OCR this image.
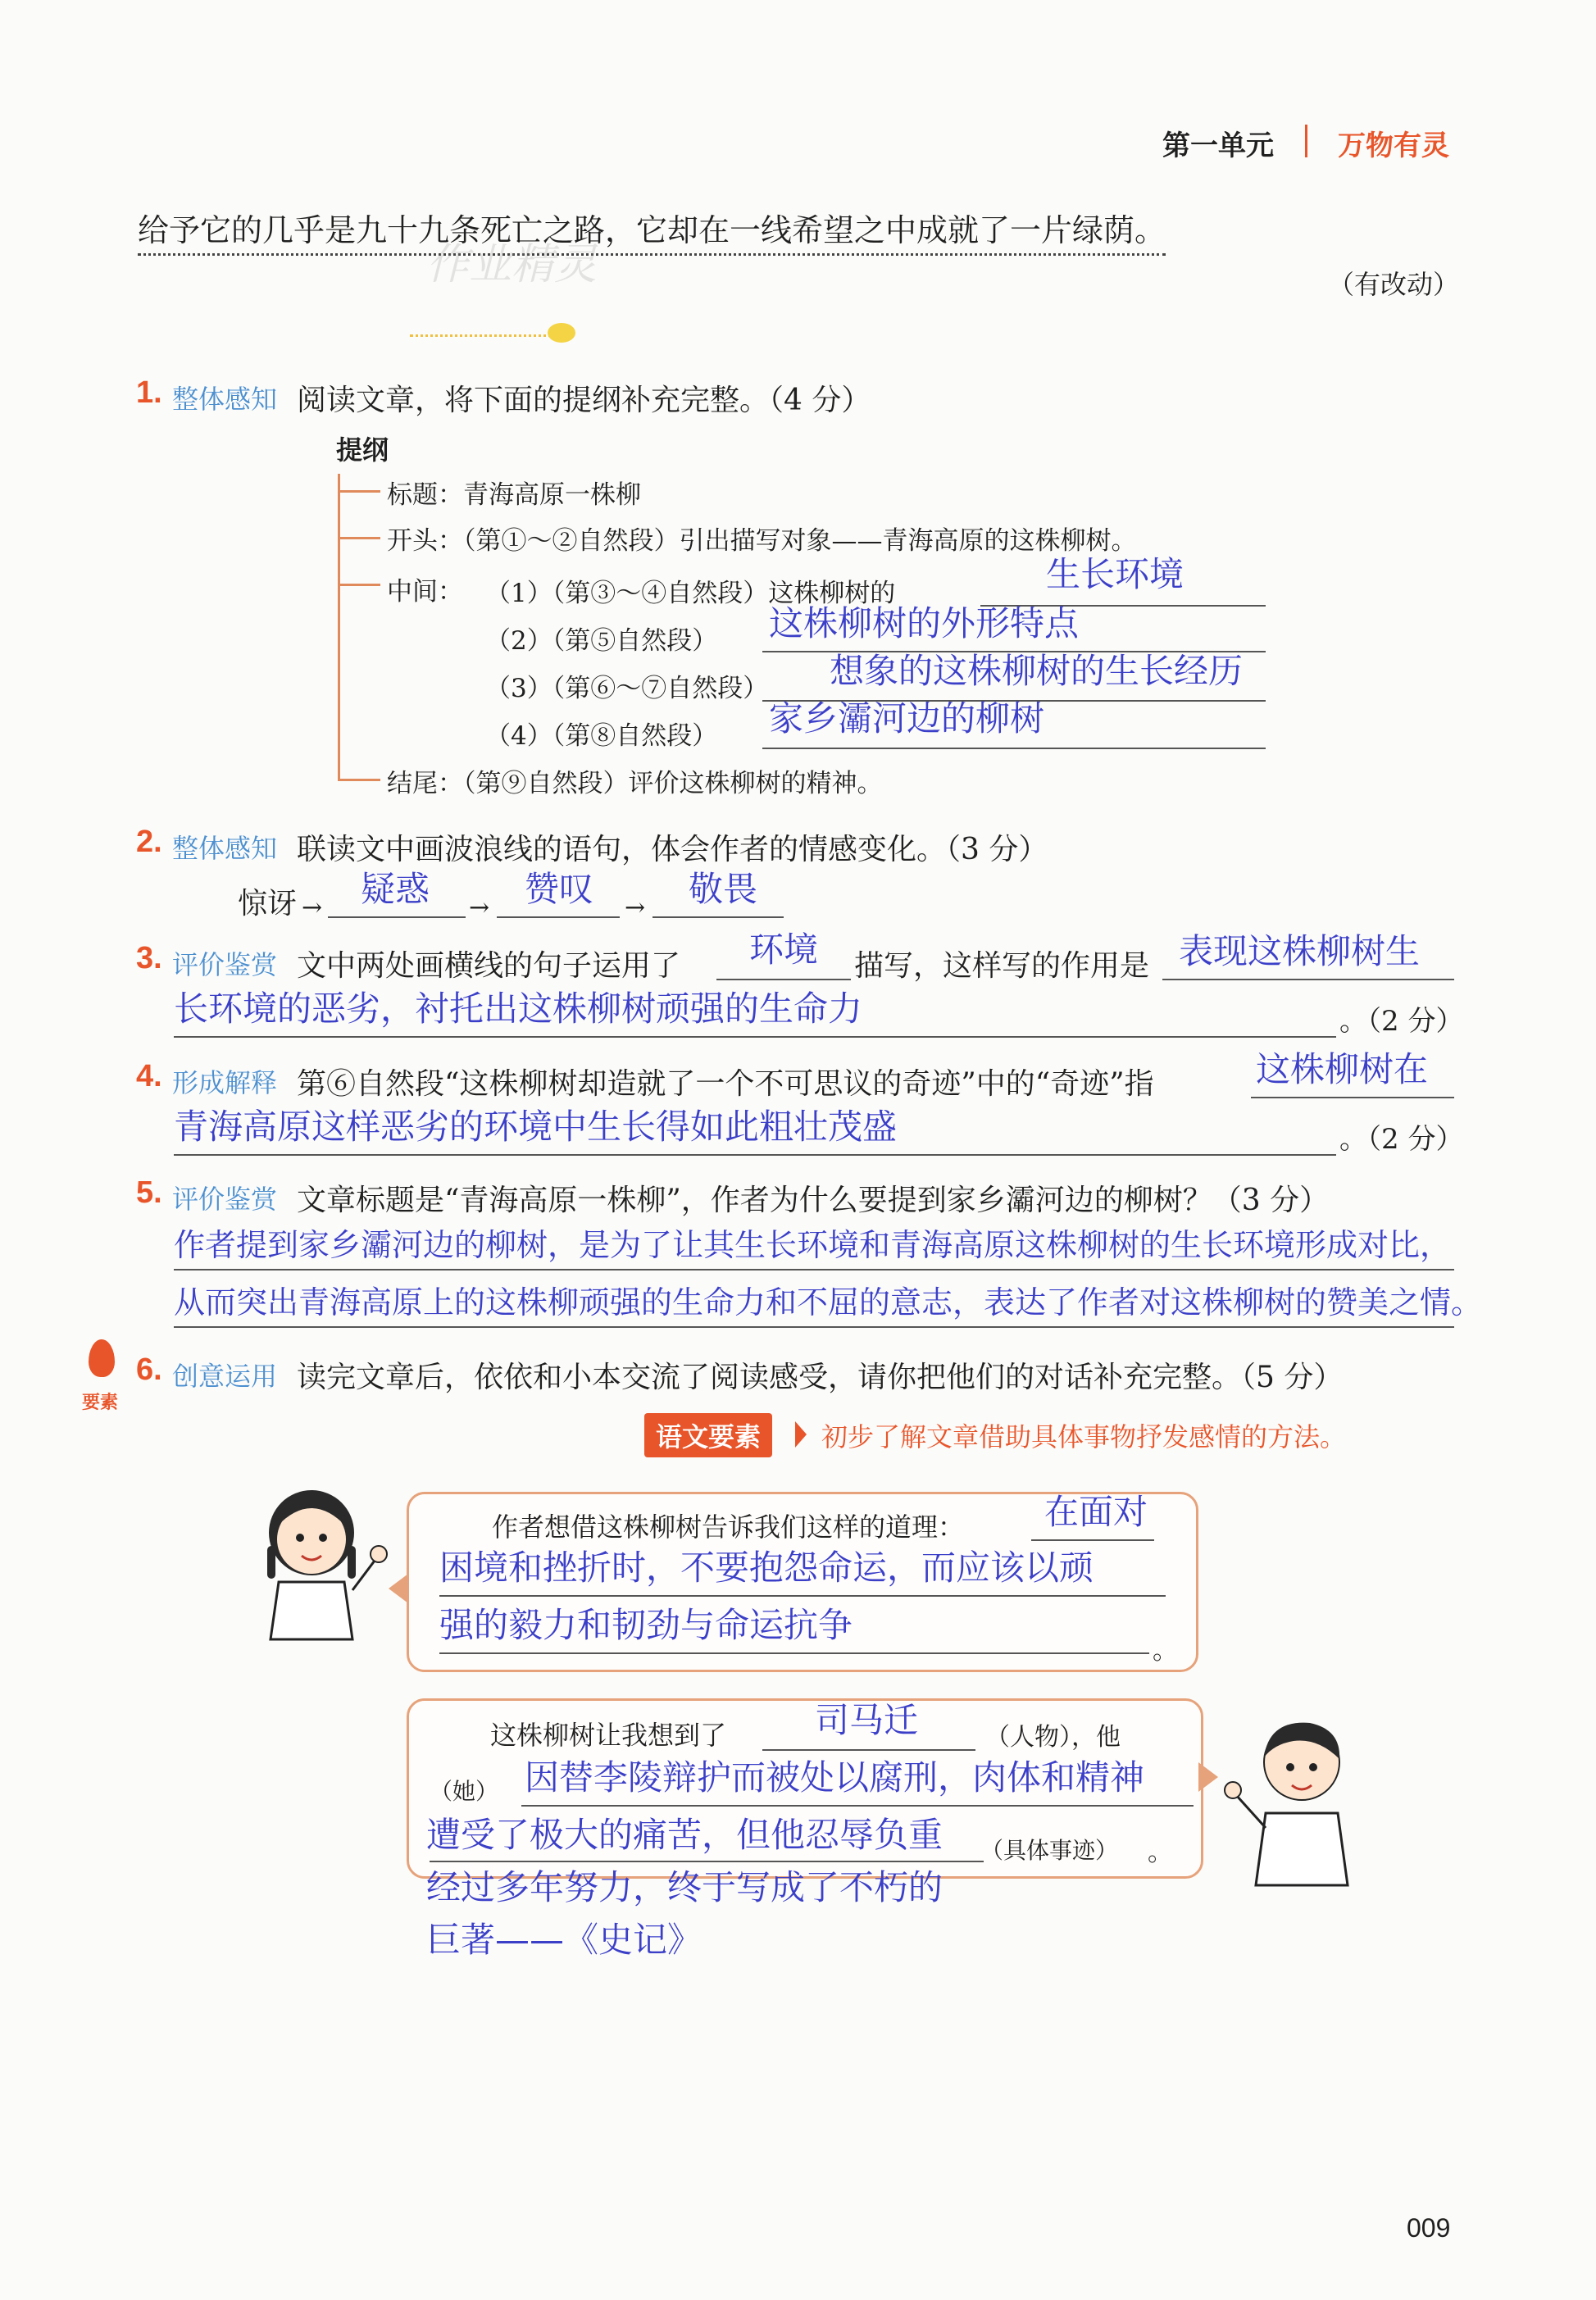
第一单元 万物有灵
给予它的几乎是九十九条死亡之路，它却在一线希望之中成就了一片绿荫。
作业精灵	（有改动）
1. 整体感知 阅读文章，将下面的提纲补充完整。（4 分）
提纲
标题：青海高原一株柳
开头：（第①～②自然段）引出描写对象——青海高原的这株柳树。
中间： （1）（第③～④自然段）这株柳树的	生长环境
（2）（第⑤自然段） 这株柳树的外形特点
（3）（第⑥～⑦自然段） 想象的这株柳树的生长经历
（4）（第⑧自然段） 家乡灞河边的柳树
结尾：（第⑨自然段）评价这株柳树的精神。
2. 整体感知 联读文中画波浪线的语句，体会作者的情感变化。（3 分）
惊讶 → 疑惑 → 赞叹 → 敬畏
3. 评价鉴赏 文中两处画横线的句子运用了 环境 描写，这样写的作用是 表现这株柳树生
长环境的恶劣，衬托出这株柳树顽强的生命力	。（2 分）
4. 形成解释 第⑥自然段“这株柳树却造就了一个不可思议的奇迹”中的“奇迹”指	这株柳树在
青海高原这样恶劣的环境中生长得如此粗壮茂盛	。（2 分）
5. 评价鉴赏 文章标题是“青海高原一株柳”，作者为什么要提到家乡灞河边的柳树？（3 分）
作者提到家乡灞河边的柳树，是为了让其生长环境和青海高原这株柳树的生长环境形成对比，
从而突出青海高原上的这株柳顽强的生命力和不屈的意志，表达了作者对这株柳树的赞美之情。
要素
6. 创意运用 读完文章后，依依和小本交流了阅读感受，请你把他们的对话补充完整。（5 分）
语文要素	初步了解文章借助具体事物抒发感情的方法。
作者想借这株柳树告诉我们这样的道理： 在面对
困境和挫折时，不要抱怨命运，而应该以顽
强的毅力和韧劲与命运抗争
。
这株柳树让我想到了	司马迁	（人物），他
（她） 因替李陵辩护而被处以腐刑，肉体和精神
遭受了极大的痛苦，但他忍辱负重 （具体事迹） 。
经过多年努力，终于写成了不朽的
巨著——《史记》
009
